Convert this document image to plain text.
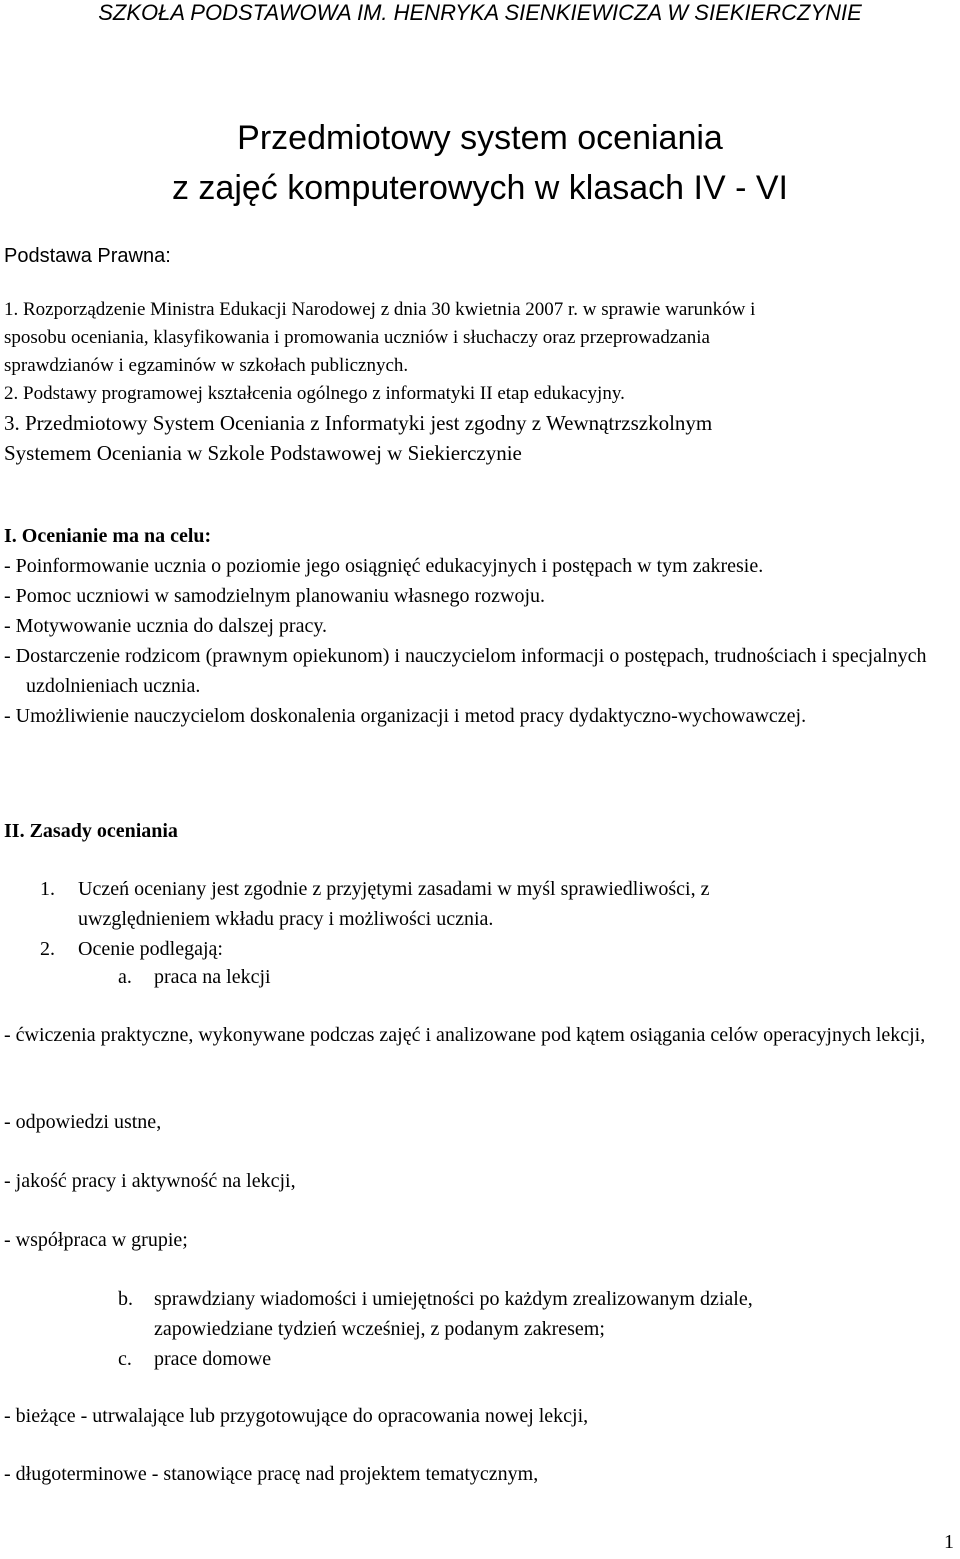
SZKOŁA PODSTAWOWA IM. HENRYKA SIENKIEWICZA W SIEKIERCZYNIE
Przedmiotowy system oceniania
z zajęć komputerowych w klasach IV - VI
Podstawa Prawna:

1. Rozporządzenie Ministra Edukacji Narodowej z dnia 30 kwietnia 2007 r. w sprawie warunków i

sposobu oceniania, klasyfikowania i promowania uczniów i słuchaczy oraz przeprowadzania

sprawdzianów i egzaminów w szkołach publicznych.

2. Podstawy programowej kształcenia ogólnego z informatyki II etap edukacyjny.

3. Przedmiotowy System Oceniania z Informatyki jest zgodny z Wewnątrzszkolnym

Systemem Oceniania w Szkole Podstawowej w Siekierczynie

I. Ocenianie ma na celu:

- Poinformowanie ucznia o poziomie jego osiągnięć edukacyjnych i postępach w tym zakresie.

- Pomoc uczniowi w samodzielnym planowaniu własnego rozwoju.

- Motywowanie ucznia do dalszej pracy.

- Dostarczenie rodzicom (prawnym opiekunom) i nauczycielom informacji o postępach, trudnościach i specjalnych uzdolnieniach ucznia.

- Umożliwienie nauczycielom doskonalenia organizacji i metod pracy dydaktyczno-wychowawczej.

II. Zasady oceniania
1.	Uczeń oceniany jest zgodnie z przyjętymi zasadami w myśl sprawiedliwości, z
uwzględnieniem wkładu pracy i możliwości ucznia.
2.	Ocenie podlegają:
a.	praca na lekcji

- ćwiczenia praktyczne, wykonywane podczas zajęć i analizowane pod kątem osiągania celów operacyjnych lekcji,

- odpowiedzi ustne,

- jakość pracy i aktywność na lekcji,

- współpraca w grupie;

b.	sprawdziany wiadomości i umiejętności po każdym zrealizowanym dziale,
zapowiedziane tydzień wcześniej, z podanym zakresem;
c.	prace domowe

- bieżące - utrwalające lub przygotowujące do opracowania nowej lekcji,

- długoterminowe - stanowiące pracę nad projektem tematycznym,

1
